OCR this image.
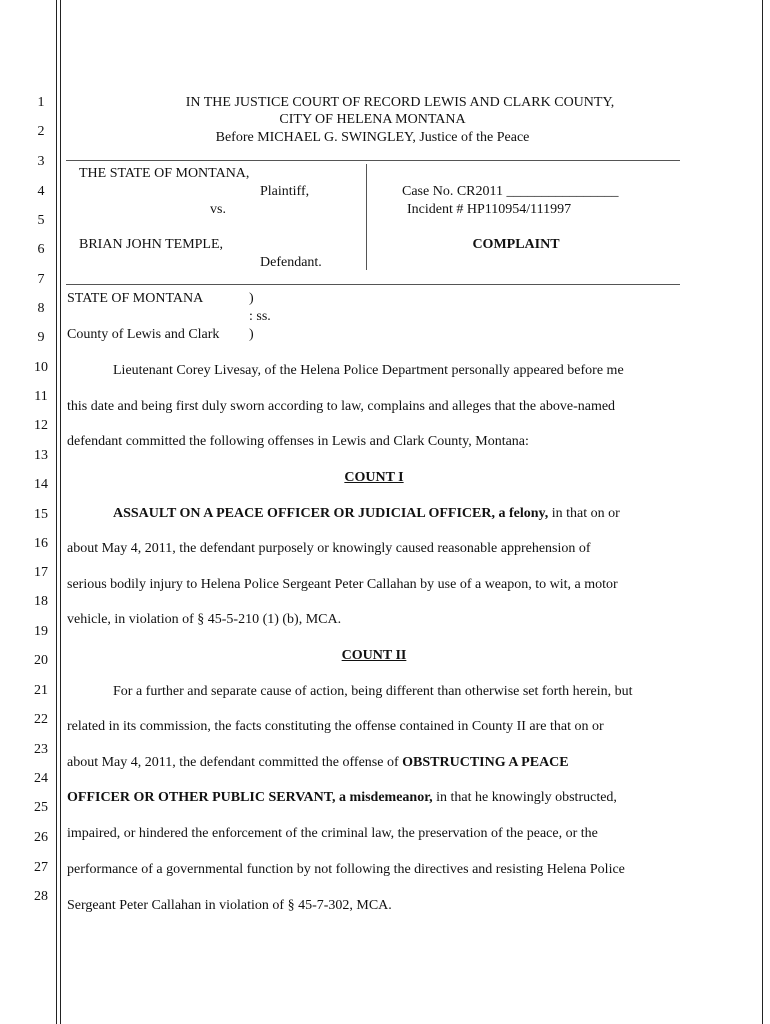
1
2
3
4
5
6
7
8
9
10
11
12
13
14
15
16
17
18
19
20
21
22
23
24
25
26
27
28
IN THE JUSTICE COURT OF RECORD LEWIS AND CLARK COUNTY,
CITY OF HELENA MONTANA
Before MICHAEL G. SWINGLEY, Justice of the Peace
THE STATE OF MONTANA,
Plaintiff,
vs.
BRIAN JOHN TEMPLE,
Defendant.
Case No. CR2011 ________________
Incident # HP110954/111997
COMPLAINT
STATE OF MONTANA	)
: ss.
County of Lewis and Clark )
Lieutenant Corey Livesay, of the Helena Police Department personally appeared before me
this date and being first duly sworn according to law, complains and alleges that the above-named
defendant committed the following offenses in Lewis and Clark County, Montana:
COUNT I
ASSAULT ON A PEACE OFFICER OR JUDICIAL OFFICER, a felony, in that on or
about May 4, 2011, the defendant purposely or knowingly caused reasonable apprehension of
serious bodily injury to Helena Police Sergeant Peter Callahan by use of a weapon, to wit, a motor
vehicle, in violation of § 45-5-210 (1) (b), MCA.
COUNT II
For a further and separate cause of action, being different than otherwise set forth herein, but
related in its commission, the facts constituting the offense contained in County II are that on or
about May 4, 2011, the defendant committed the offense of OBSTRUCTING A PEACE
OFFICER OR OTHER PUBLIC SERVANT, a misdemeanor, in that he knowingly obstructed,
impaired, or hindered the enforcement of the criminal law, the preservation of the peace, or the
performance of a governmental function by not following the directives and resisting Helena Police
Sergeant Peter Callahan in violation of § 45-7-302, MCA.
